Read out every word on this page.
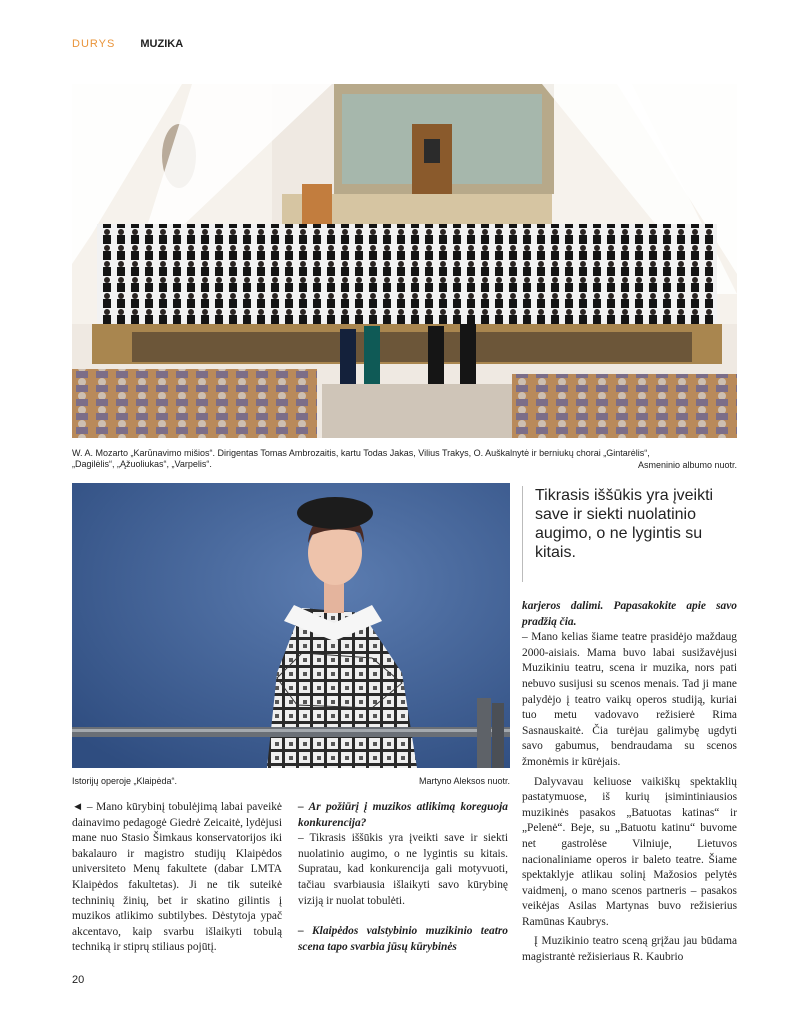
DURYS MUZIKA
W. A. Mozarto „Karūnavimo mišios“. Dirigentas Tomas Ambrozaitis, kartu Todas Jakas, Vilius Trakys, O. Auškalnytė ir berniukų chorai „Gintarėlis“, „Dagilėlis“, „Ąžuoliukas“, „Varpelis“.	Asmeninio albumo nuotr.
Istorijų operoje „Klaipėda“.	Martyno Aleksos nuotr.
Tikrasis iššūkis yra įveikti save ir siekti nuolatinio augimo, o ne lygintis su kitais.

◄ – Mano kūrybinį tobulėjimą labai paveikė dainavimo pedagogė Giedrė Zeicaitė, lydėjusi mane nuo Stasio Šimkaus konservatorijos iki bakalauro ir magistro studijų Klaipėdos universiteto Menų fakultete (dabar LMTA Klaipėdos fakultetas). Ji ne tik suteikė techninių žinių, bet ir skatino gilintis į muzikos atlikimo subtilybes. Dėstytoja ypač akcentavo, kaip svarbu išlaikyti tobulą techniką ir stiprų stiliaus pojūtį.

– Ar požiūrį į muzikos atlikimą koreguoja konkurencija?

– Tikrasis iššūkis yra įveikti save ir siekti nuolatinio augimo, o ne lygintis su kitais. Supratau, kad konkurencija gali motyvuoti, tačiau svarbiausia išlaikyti savo kūrybinę viziją ir nuolat tobulėti.

– Klaipėdos valstybinio muzikinio teatro scena tapo svarbia jūsų kūrybinės

karjeros dalimi. Papasakokite apie savo pradžią čia.

– Mano kelias šiame teatre prasidėjo maždaug 2000-aisiais. Mama buvo labai susižavėjusi Muzikiniu teatru, scena ir muzika, nors pati nebuvo susijusi su scenos menais. Tad ji mane palydėjo į teatro vaikų operos studiją, kuriai tuo metu vadovavo režisierė Rima Sasnauskaitė. Čia turėjau galimybę ugdyti savo gabumus, bendraudama su scenos žmonėmis ir kūrėjais.

Dalyvavau keliuose vaikiškų spektaklių pastatymuose, iš kurių įsimintiniausios muzikinės pasakos „Batuotas katinas“ ir „Pelenė“. Beje, su „Batuotu katinu“ buvome net gastrolėse Vilniuje, Lietuvos nacionaliniame operos ir baleto teatre. Šiame spektaklyje atlikau solinį Mažosios pelytės vaidmenį, o mano scenos partneris – pasakos veikėjas Asilas Martynas buvo režisierius Ramūnas Kaubrys.

Į Muzikinio teatro sceną grįžau jau būdama magistrantė režisieriaus R. Kaubrio

20
